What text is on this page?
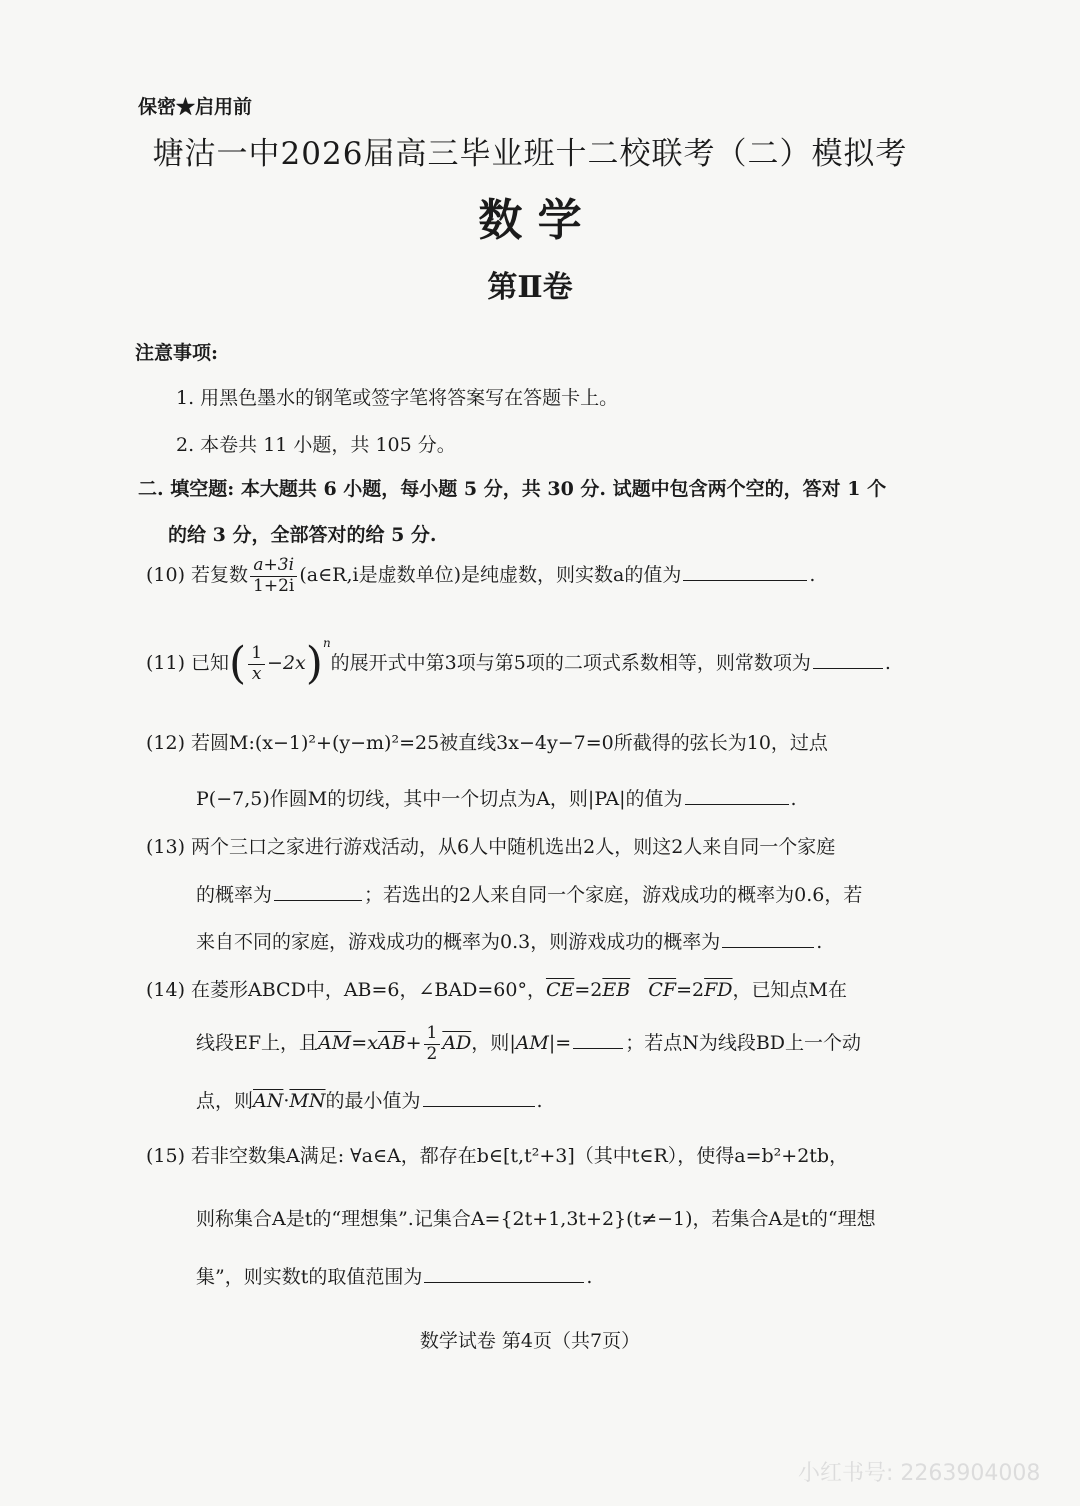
保密★启用前
塘沽一中2026届高三毕业班十二校联考（二）模拟考
数 学
第Ⅱ卷
注意事项:
1. 用黑色墨水的钢笔或签字笔将答案写在答题卡上。
2. 本卷共 11 小题，共 105 分。
二. 填空题: 本大题共 6 小题，每小题 5 分，共 30 分. 试题中包含两个空的，答对 1 个
的给 3 分，全部答对的给 5 分.
(10) 若复数 $\frac{a+3i}{1+2i}$ (a∈R,i是虚数单位)是纯虚数，则实数a的值为	.
(11) 已知( $\frac{1}{x} -2x)^n$的展开式中第3项与第5项的二项式系数相等，则常数项为	.
(12) 若圆M:(x−1)²+(y−m)²=25被直线3x−4y−7=0所截得的弦长为10，过点
P(−7,5)作圆M的切线，其中一个切点为A，则|PA|的值为	.
(13) 两个三口之家进行游戏活动，从6人中随机选出2人，则这2人来自同一个家庭
的概率为	；若选出的2人来自同一个家庭，游戏成功的概率为0.6，若
来自不同的家庭，游戏成功的概率为0.3，则游戏成功的概率为	.
(14) 在菱形ABCD中，AB=6，∠BAD=60°，$\overline{CE}=2\overline{EB}$ $\overline{CF}=2\overline{FD}$，已知点M在
线段EF上，且$\overline{AM}=x\overline{AB}+ \frac{1}{2} \overline{AD}$，则|AM|=	；若点N为线段BD上一个动
点，则$\overline{AN}\cdot\overline{MN}$的最小值为	.
(15) 若非空数集A满足: ∀a∈A，都存在b∈[t,t²+3]（其中t∈R），使得a=b²+2tb，
则称集合A是t的“理想集”.记集合A={2t+1,3t+2}(t≠−1)，若集合A是t的“理想
集”，则实数t的取值范围为	.
数学试卷 第4页（共7页）
小红书号: 2263904008
